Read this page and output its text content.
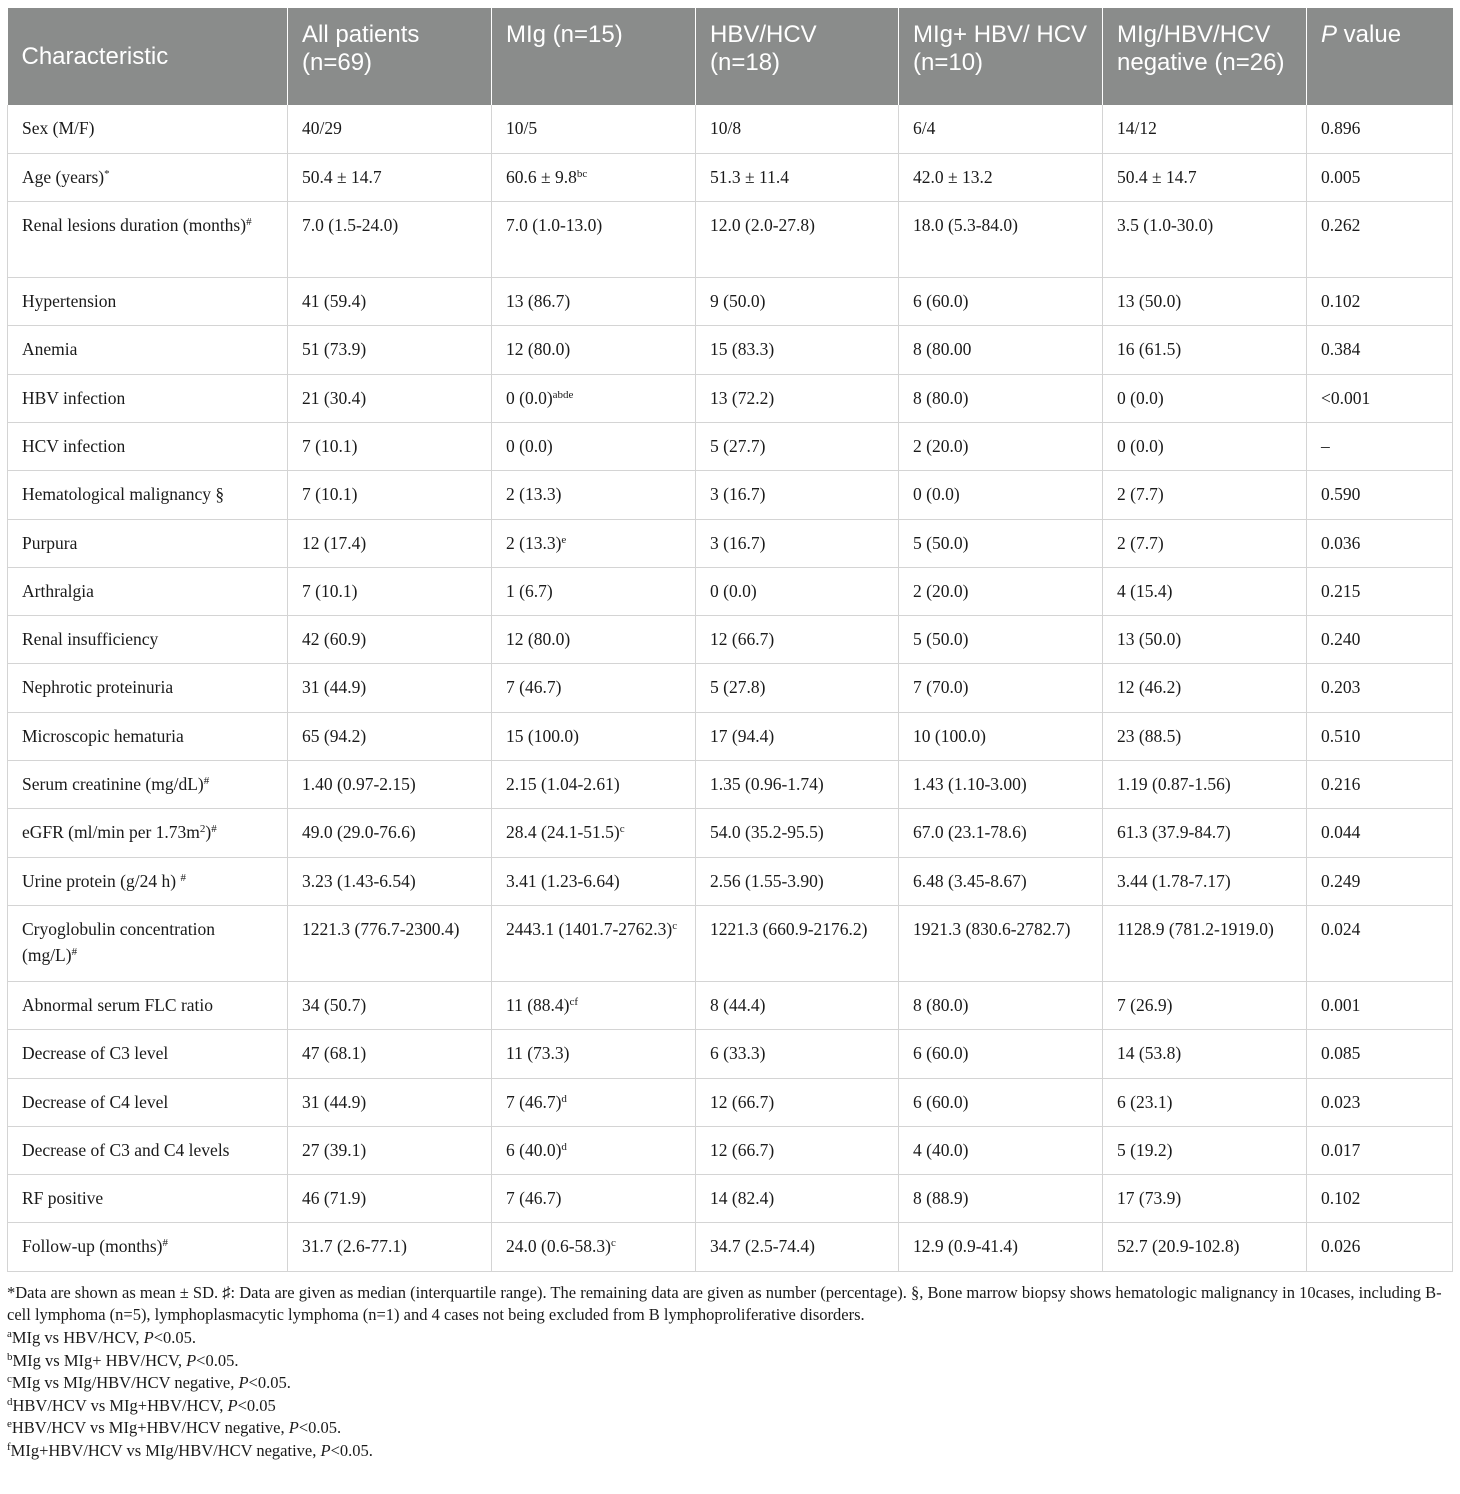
Characteristic	All patients (n=69)	MIg (n=15)	HBV/HCV (n=18)	MIg+ HBV/ HCV (n=10)	MIg/HBV/HCV negative (n=26)	P value
Sex (M/F)	40/29	10/5	10/8	6/4	14/12	0.896
Age (years)*	50.4 ± 14.7	60.6 ± 9.8$^{bc}$	51.3 ± 11.4	42.0 ± 13.2	50.4 ± 14.7	0.005
Renal lesions duration (months)#	7.0 (1.5-24.0)	7.0 (1.0-13.0)	12.0 (2.0-27.8)	18.0 (5.3-84.0)	3.5 (1.0-30.0)	0.262
Hypertension	41 (59.4)	13 (86.7)	9 (50.0)	6 (60.0)	13 (50.0)	0.102
Anemia	51 (73.9)	12 (80.0)	15 (83.3)	8 (80.00	16 (61.5)	0.384
HBV infection	21 (30.4)	0 $(0.0)^{abde}$	13 (72.2)	8 (80.0)	0 (0.0)	<0.001
HCV infection	7 (10.1)	0 (0.0)	5 (27.7)	2 (20.0)	0 (0.0)	–
Hematological malignancy §	7 (10.1)	2 (13.3)	3 (16.7)	0 (0.0)	2 (7.7)	0.590
Purpura	12 (17.4)	2 $(13.3)^e$	3 (16.7)	5 (50.0)	2 (7.7)	0.036
Arthralgia	7 (10.1)	1 (6.7)	0 (0.0)	2 (20.0)	4 (15.4)	0.215
Renal insufficiency	42 (60.9)	12 (80.0)	12 (66.7)	5 (50.0)	13 (50.0)	0.240
Nephrotic proteinuria	31 (44.9)	7 (46.7)	5 (27.8)	7 (70.0)	12 (46.2)	0.203
Microscopic hematuria	65 (94.2)	15 (100.0)	17 (94.4)	10 (100.0)	23 (88.5)	0.510
Serum creatinine (mg/dL)#	1.40 (0.97-2.15)	2.15 (1.04-2.61)	1.35 (0.96-1.74)	1.43 (1.10-3.00)	1.19 (0.87-1.56)	0.216
eGFR (ml/min per $1.73m^2)^{\#}$	49.0 (29.0-76.6)	28.4 $(24.1-51.5)^c$	54.0 (35.2-95.5)	67.0 (23.1-78.6)	61.3 (37.9-84.7)	0.044
Urine protein (g/24 h) #	3.23 (1.43-6.54)	3.41 (1.23-6.64)	2.56 (1.55-3.90)	6.48 (3.45-8.67)	3.44 (1.78-7.17)	0.249
Cryoglobulin concentration (mg/L)#	1221.3 (776.7-2300.4)	2443.1 $(1401.7-2762.3)^c$	1221.3 (660.9-2176.2)	1921.3 (830.6-2782.7)	1128.9 (781.2-1919.0)	0.024
Abnormal serum FLC ratio	34 (50.7)	11 $(88.4)^{cf}$	8 (44.4)	8 (80.0)	7 (26.9)	0.001
Decrease of C3 level	47 (68.1)	11 (73.3)	6 (33.3)	6 (60.0)	14 (53.8)	0.085
Decrease of C4 level	31 (44.9)	7 $(46.7)^d$	12 (66.7)	6 (60.0)	6 (23.1)	0.023
Decrease of C3 and C4 levels	27 (39.1)	6 $(40.0)^d$	12 (66.7)	4 (40.0)	5 (19.2)	0.017
RF positive	46 (71.9)	7 (46.7)	14 (82.4)	8 (88.9)	17 (73.9)	0.102
Follow-up (months)#	31.7 (2.6-77.1)	24.0 $(0.6-58.3)^c$	34.7 (2.5-74.4)	12.9 (0.9-41.4)	52.7 (20.9-102.8)	0.026
*Data are shown as mean ± SD. ♯: Data are given as median (interquartile range). The remaining data are given as number (percentage). §, Bone marrow biopsy shows hematologic malignancy in 10cases, including B-cell lymphoma (n=5), lymphoplasmacytic lymphoma (n=1) and 4 cases not being excluded from B lymphoproliferative disorders.
$^a$MIg vs HBV/HCV, P<0.05.
$^b$MIg vs MIg+ HBV/HCV, P<0.05.
$^c$MIg vs MIg/HBV/HCV negative, P<0.05.
$^d$HBV/HCV vs MIg+HBV/HCV, P<0.05
$^e$HBV/HCV vs MIg+HBV/HCV negative, P<0.05.
$^f$MIg+HBV/HCV vs MIg/HBV/HCV negative, P<0.05.
